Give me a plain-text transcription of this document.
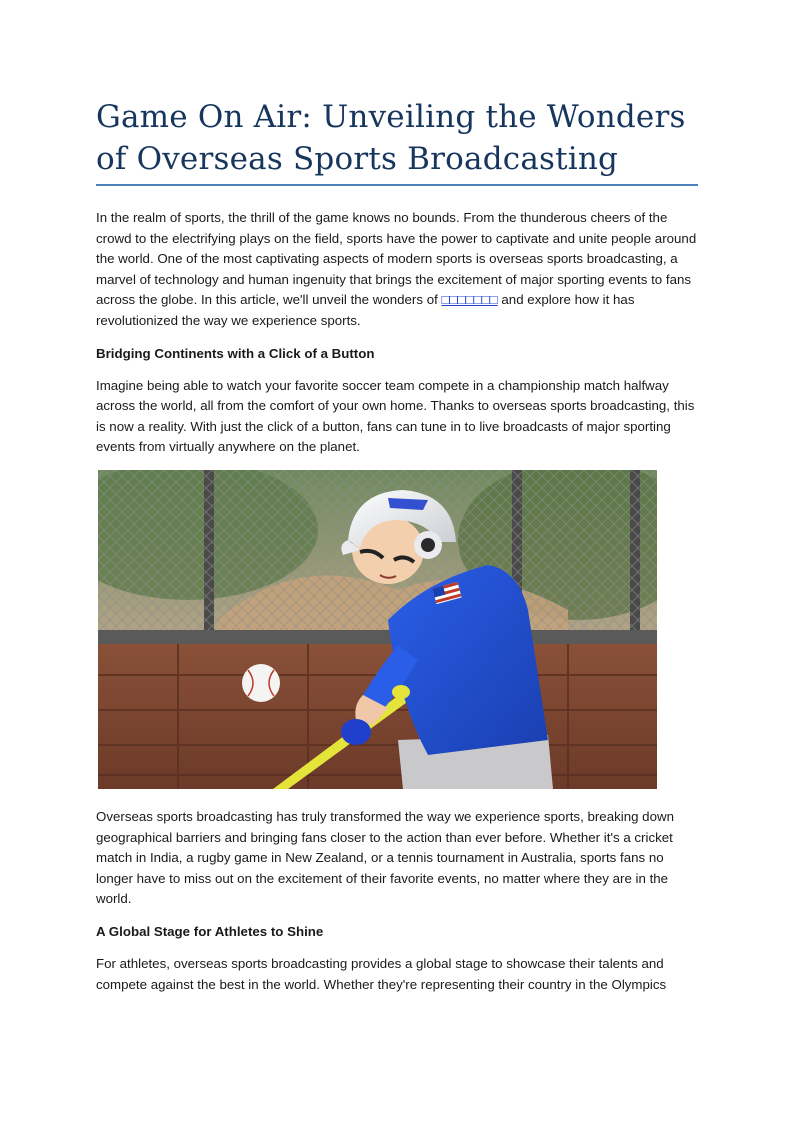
Game On Air: Unveiling the Wonders of Overseas Sports Broadcasting

In the realm of sports, the thrill of the game knows no bounds. From the thunderous cheers of the crowd to the electrifying plays on the field, sports have the power to captivate and unite people around the world. One of the most captivating aspects of modern sports is overseas sports broadcasting, a marvel of technology and human ingenuity that brings the excitement of major sporting events to fans across the globe. In this article, we'll unveil the wonders of □□□□□□□ and explore how it has revolutionized the way we experience sports.

Bridging Continents with a Click of a Button

Imagine being able to watch your favorite soccer team compete in a championship match halfway across the world, all from the comfort of your own home. Thanks to overseas sports broadcasting, this is now a reality. With just the click of a button, fans can tune in to live broadcasts of major sporting events from virtually anywhere on the planet.

Overseas sports broadcasting has truly transformed the way we experience sports, breaking down geographical barriers and bringing fans closer to the action than ever before. Whether it's a cricket match in India, a rugby game in New Zealand, or a tennis tournament in Australia, sports fans no longer have to miss out on the excitement of their favorite events, no matter where they are in the world.

A Global Stage for Athletes to Shine

For athletes, overseas sports broadcasting provides a global stage to showcase their talents and compete against the best in the world. Whether they're representing their country in the Olympics
